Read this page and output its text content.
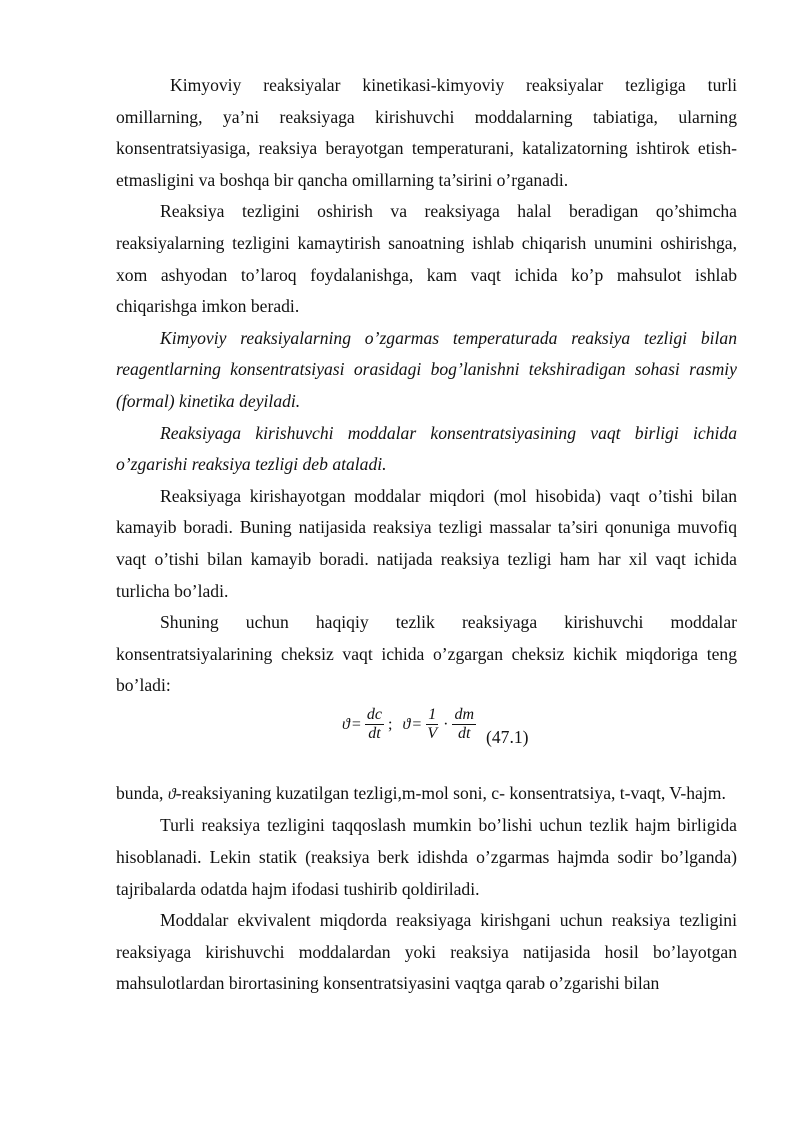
Kimyoviy reaksiyalar kinetikasi-kimyoviy reaksiyalar tezligiga turli omillarning, ya’ni reaksiyaga kirishuvchi moddalarning tabiatiga, ularning konsentratsiyasiga, reaksiya berayotgan temperaturani, katalizatorning ishtirok etish-etmasligini va boshqa bir qancha omillarning ta’sirini o’rganadi.

Reaksiya tezligini oshirish va reaksiyaga halal beradigan qo’shimcha reaksiyalarning tezligini kamaytirish sanoatning ishlab chiqarish unumini oshirishga, xom ashyodan to’laroq foydalanishga, kam vaqt ichida ko’p mahsulot ishlab chiqarishga imkon beradi.

Kimyoviy reaksiyalarning o’zgarmas temperaturada reaksiya tezligi bilan reagentlarning konsentratsiyasi orasidagi bog’lanishni tekshiradigan sohasi rasmiy (formal) kinetika deyiladi.

Reaksiyaga kirishuvchi moddalar konsentratsiyasining vaqt birligi ichida o’zgarishi reaksiya tezligi deb ataladi.

Reaksiyaga kirishayotgan moddalar miqdori (mol hisobida) vaqt o’tishi bilan kamayib boradi. Buning natijasida reaksiya tezligi massalar ta’siri qonuniga muvofiq vaqt o’tishi bilan kamayib boradi. natijada reaksiya tezligi ham har xil vaqt ichida turlicha bo’ladi.

Shuning uchun haqiqiy tezlik reaksiyaga kirishuvchi moddalar konsentratsiyalarining cheksiz vaqt ichida o’zgargan cheksiz kichik miqdoriga teng bo’ladi:

$ϑ = \frac{dc}{dt}$ ; $ϑ = \frac{1}{V} \cdot \frac{dm}{dt} (47.1)$

bunda, ϑ-reaksiyaning kuzatilgan tezligi,m-mol soni, c- konsentratsiya, t-vaqt, V-hajm.

Turli reaksiya tezligini taqqoslash mumkin bo’lishi uchun tezlik hajm birligida hisoblanadi. Lekin statik (reaksiya berk idishda o’zgarmas hajmda sodir bo’lganda) tajribalarda odatda hajm ifodasi tushirib qoldiriladi.

Moddalar ekvivalent miqdorda reaksiyaga kirishgani uchun reaksiya tezligini reaksiyaga kirishuvchi moddalardan yoki reaksiya natijasida hosil bo’layotgan mahsulotlardan birortasining konsentratsiyasini vaqtga qarab o’zgarishi bilan
